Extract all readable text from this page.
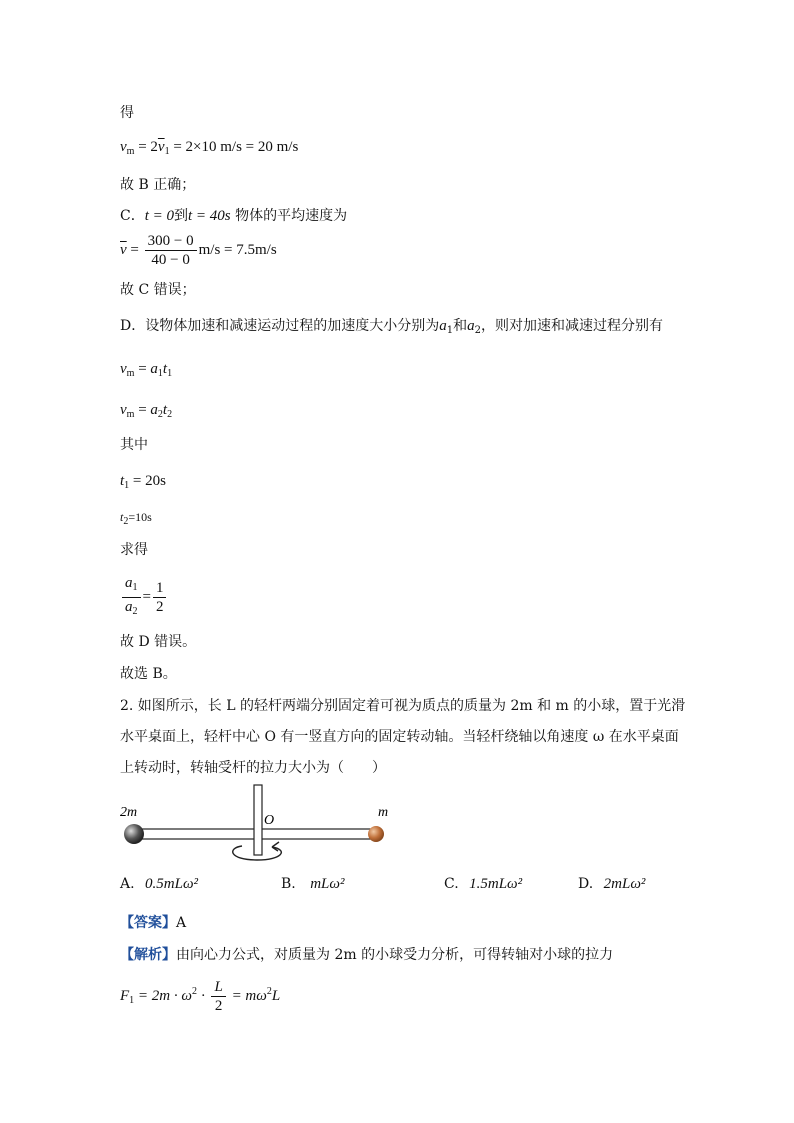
得
$v_m = 2\overline{v}_1 = 2\times 10$ m/s = 20 m/s
故 B 正确；
C．t = 0到t = 40s 物体的平均速度为
$\overline{v} = \frac{300 - 0}{40 - 0} m/s = 7.5m/s$
故 C 错误；
D．设物体加速和减速运动过程的加速度大小分别为$a_1$和$a_2$，则对加速和减速过程分别有
$v_m = a_1t_1$
$v_m = a_2t_2$
其中
$t_1 = 20s$
$t_2=10s$
求得
$\frac{a_1}{a_2} = \frac{1}{2}$
故 D 错误。
故选 B。
2. 如图所示，长 L 的轻杆两端分别固定着可视为质点的质量为 2m 和 m 的小球，置于光滑
水平桌面上，轻杆中心 O 有一竖直方向的固定转动轴。当轻杆绕轴以角速度 ω 在水平桌面
上转动时，转轴受杆的拉力大小为（　　）
2m
O
m
A. 0.5mLω²	B. mLω²	C. 1.5mLω²	D. 2mLω²
【答案】A
【解析】由向心力公式，对质量为 2m 的小球受力分析，可得转轴对小球的拉力
$F_1 = 2m \cdot \omega^2 \cdot \frac{L}{2} = m\omega^2L$
